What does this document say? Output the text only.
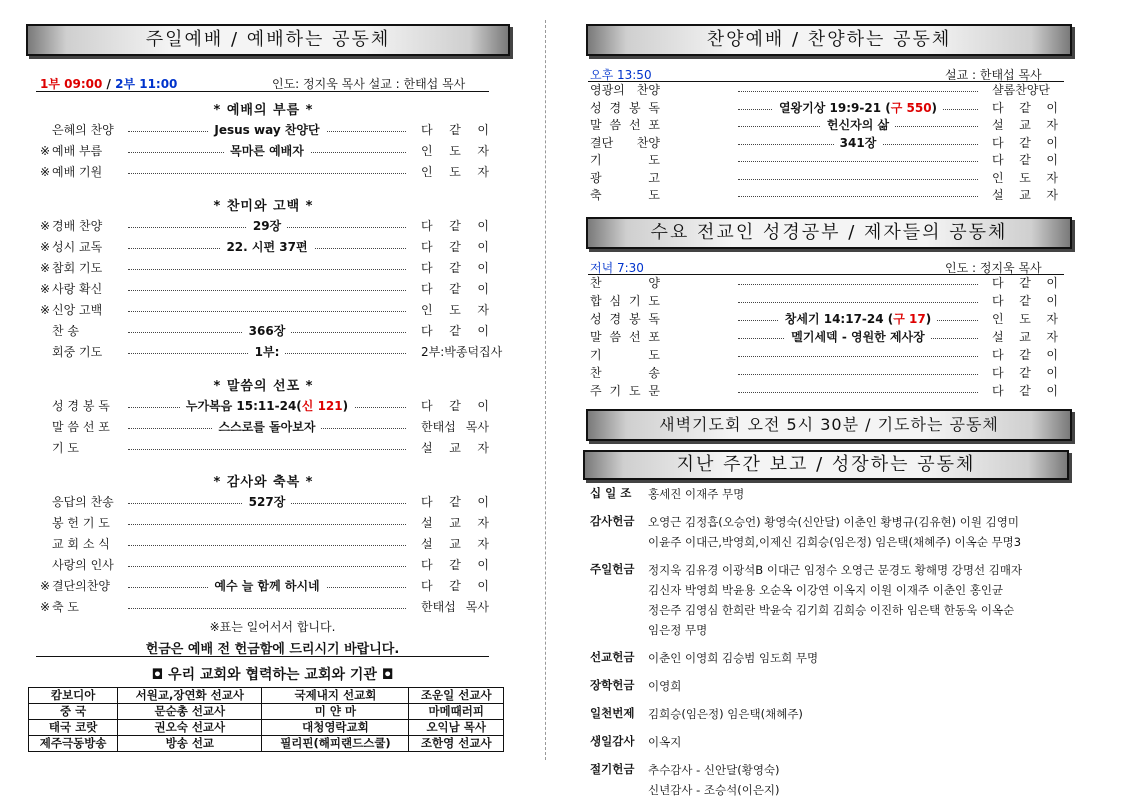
주일예배 / 예배하는 공동체
1부 09:00 / 2부 11:00	인도: 정지욱 목사 설교 : 한태섭 목사
* 예배의 부름 *
은혜의 찬양	Jesus way 찬양단	다 같 이
※ 예배 부름	목마른 예배자	인 도 자
※ 예배 기원	인 도 자
* 찬미와 고백 *
※ 경배 찬양	29장	다 같 이
※ 성시 교독	22. 시편 37편	다 같 이
※ 참회 기도	다 같 이
※ 사랑 확신	다 같 이
※ 신앙 고백	인 도 자
찬 송	366장	다 같 이
회중 기도	1부:	2부:박종덕집사
* 말씀의 선포 *
성 경 봉 독	누가복음 15:11-24(신 121)	다 같 이
말 씀 선 포	스스로를 돌아보자	한태섭 목사
기 도	설 교 자
* 감사와 축복 *
응답의 찬송	527장	다 같 이
봉 헌 기 도	설 교 자
교 회 소 식	설 교 자
사랑의 인사	다 같 이
※ 결단의찬양	예수 늘 함께 하시네	다 같 이
※ 축 도	한태섭 목사
※표는 일어서서 합니다.
헌금은 예배 전 헌금함에 드리시기 바랍니다.
◘ 우리 교회와 협력하는 교회와 기관 ◘
캄보디아	서원교,장연화 선교사	국제내지 선교회	조운일 선교사
중 국	문순총 선교사	미 얀 마	마메때러피
태국 코랏	권오숙 선교사	대청영락교회	오익남 목사
제주극동방송	방송 선교	필리핀(해피랜드스쿨)	조한영 선교사
찬양예배 / 찬양하는 공동체
오후 13:50	설교 : 한태섭 목사
영광의 찬양	샬롬찬양단
성 경 봉 독	열왕기상 19:9-21 (구 550)	다 같 이
말 씀 선 포	헌신자의 삶	설 교 자
결단 찬양	341장	다 같 이
기 도	다 같 이
광 고	인 도 자
축 도	설 교 자
수요 전교인 성경공부 / 제자들의 공동체
저녁 7:30	인도 : 정지욱 목사
찬 양	다 같 이
합 심 기 도	다 같 이
성 경 봉 독	창세기 14:17-24 (구 17)	인 도 자
말 씀 선 포	멜기세덱 - 영원한 제사장	설 교 자
기 도	다 같 이
찬 송	다 같 이
주 기 도 문	다 같 이
새벽기도회 오전 5시 30분 / 기도하는 공동체
지난 주간 보고 / 성장하는 공동체
십 일 조	홍세진 이재주 무명
감사헌금	오영근 김정흡(오승언) 황영숙(신안달) 이춘인 황병규(김유현) 이원 김영미
이윤주 이대근,박영희,이제신 김희승(임은정) 임은택(채혜주) 이옥순 무명3
주일헌금	정지욱 김유경 이광석B 이대근 임정수 오영근 문경도 황해명 강명선 김매자
김신자 박영희 박윤용 오순옥 이강연 이옥지 이원 이재주 이춘인 홍인균
정은주 김영심 한희란 박윤숙 김기희 김희승 이진하 임은택 한동욱 이옥순
임은정 무명
선교헌금	이춘인 이영희 김승범 임도희 무명
장학헌금	이영희
일천번제	김희승(임은정) 임은택(채혜주)
생일감사	이옥지
절기헌금	추수감사 - 신안달(황영숙)
신년감사 - 조승석(이은지)
